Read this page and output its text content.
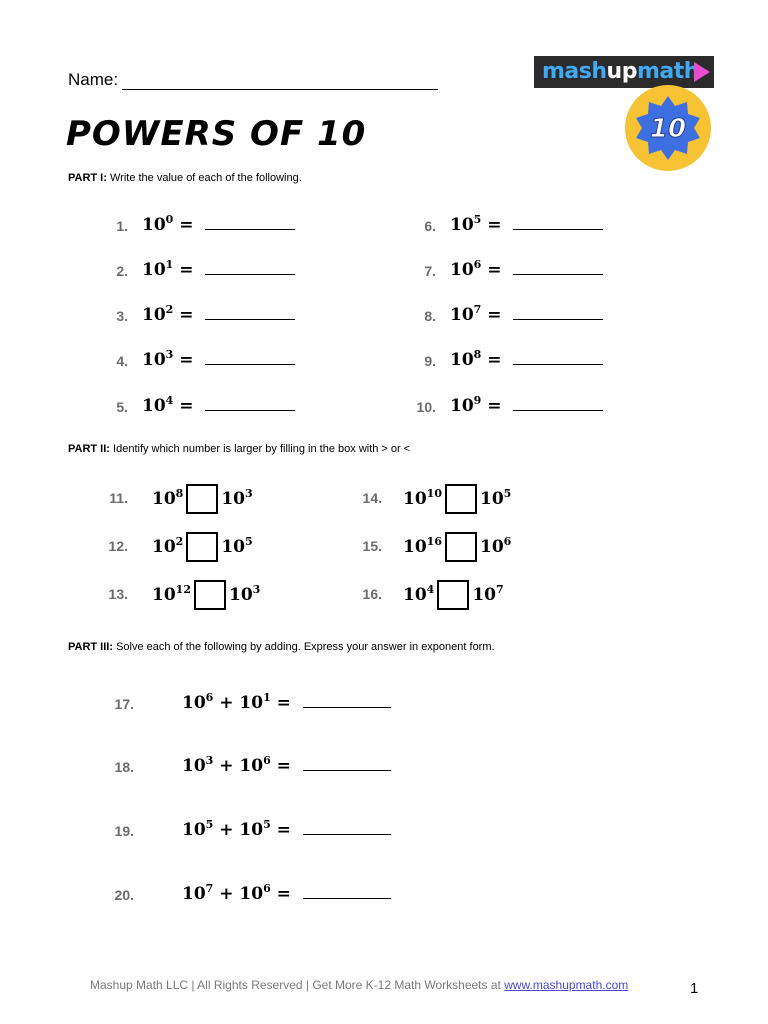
Name:	mashupmath
10
POWERS OF 10
PART I: Write the value of each of the following.
1. $10^0$ =
2. $10^1$ =
3. $10^2$ =
4. $10^3$ =
5. $10^4$ =
6. $10^5$ =
7. $10^6$ =
8. $10^7$ =
9. $10^8$ =
10. $10^9$ =
PART II: Identify which number is larger by filling in the box with > or <
11. $10^8$ $10^3$
12. $10^2$ $10^5$
13. $10^{12}$ $10^3$
14. $10^{10}$ $10^5$
15. $10^{16}$ $10^6$
16. $10^4$ $10^7$
PART III: Solve each of the following by adding. Express your answer in exponent form.
17.	$10^6 + 10^1$ =
18.	$10^3 + 10^6$ =
19.	$10^5 + 10^5$ =
20.	$10^7 + 10^6$ =
Mashup Math LLC | All Rights Reserved | Get More K-12 Math Worksheets at www.mashupmath.com	1
